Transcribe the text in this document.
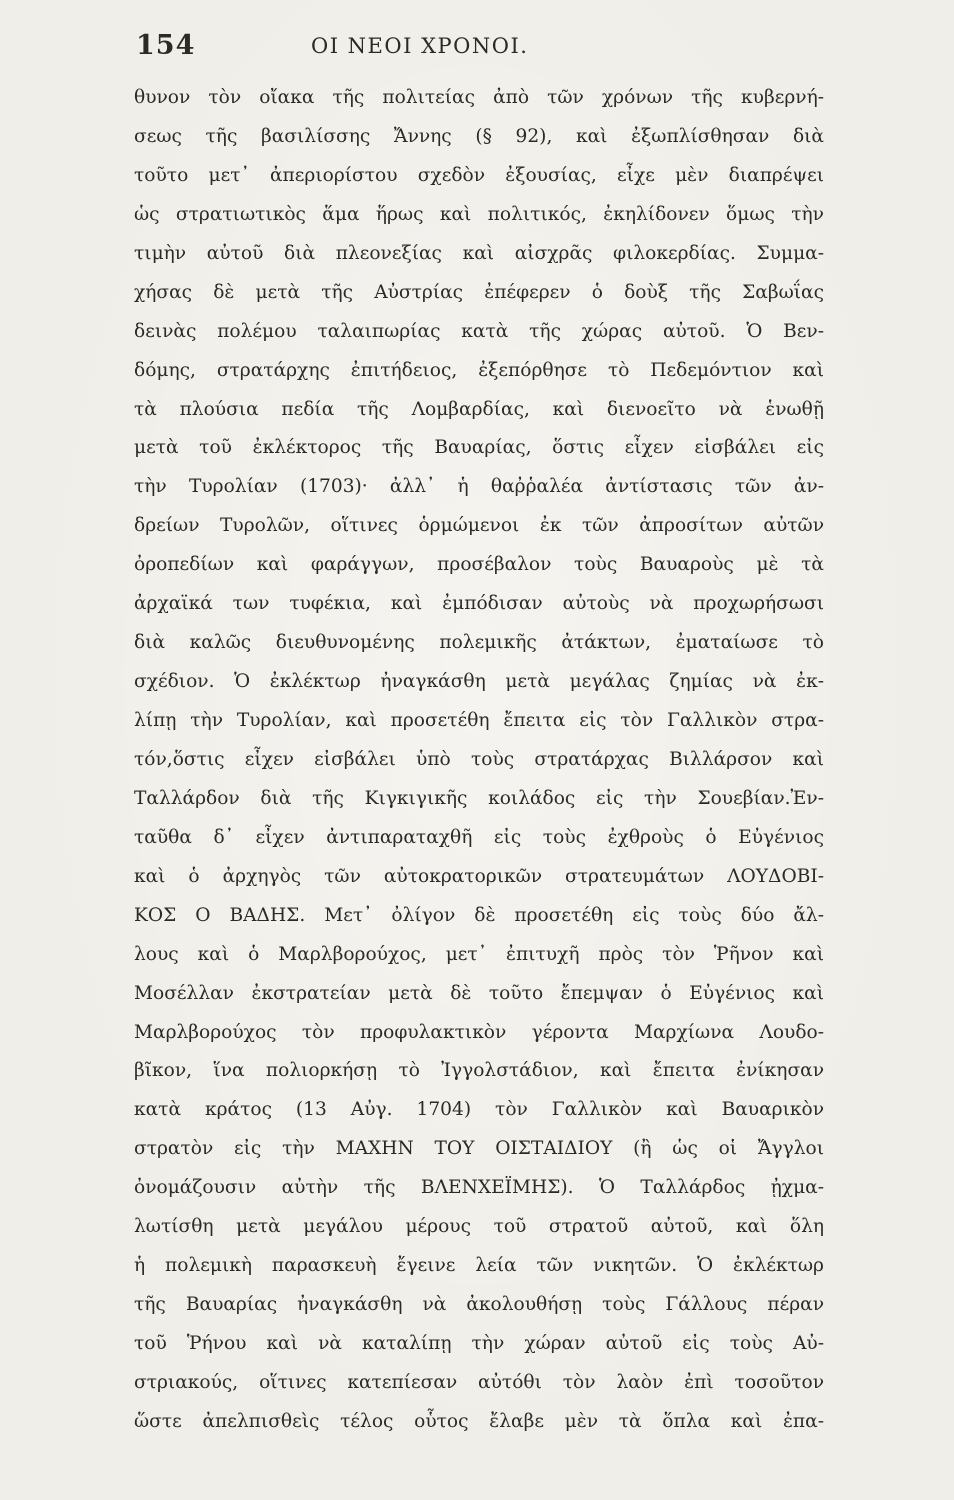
154	ΟΙ ΝΕΟΙ ΧΡΟΝΟΙ.
θυνον τὸν οἴακα τῆς πολιτείας ἀπὸ τῶν χρόνων τῆς κυβερνή-
σεως τῆς βασιλίσσης Ἄννης (§ 92), καὶ ἐξωπλίσθησαν διὰ
τοῦτο μετ᾽ ἀπεριορίστου σχεδὸν ἐξουσίας, εἶχε μὲν διαπρέψει
ὡς στρατιωτικὸς ἅμα ἥρως καὶ πολιτικός, ἐκηλίδονεν ὅμως τὴν
τιμὴν αὐτοῦ διὰ πλεονεξίας καὶ αἰσχρᾶς φιλοκερδίας. Συμμα-
χήσας δὲ μετὰ τῆς Αὐστρίας ἐπέφερεν ὁ δοὺξ τῆς Σαβωΐας
δεινὰς πολέμου ταλαιπωρίας κατὰ τῆς χώρας αὐτοῦ. Ὁ Βεν-
δόμης, στρατάρχης ἐπιτήδειος, ἐξεπόρθησε τὸ Πεδεμόντιον καὶ
τὰ πλούσια πεδία τῆς Λομβαρδίας, καὶ διενοεῖτο νὰ ἑνωθῇ
μετὰ τοῦ ἐκλέκτορος τῆς Βαυαρίας, ὅστις εἶχεν εἰσβάλει εἰς
τὴν Τυρολίαν (1703)· ἀλλ᾽ ἡ θαῤῥαλέα ἀντίστασις τῶν ἀν-
δρείων Τυρολῶν, οἵτινες ὁρμώμενοι ἐκ τῶν ἀπροσίτων αὐτῶν
ὀροπεδίων καὶ φαράγγων, προσέβαλον τοὺς Βαυαροὺς μὲ τὰ
ἀρχαϊκά των τυφέκια, καὶ ἐμπόδισαν αὐτοὺς νὰ προχωρήσωσι
διὰ καλῶς διευθυνομένης πολεμικῆς ἀτάκτων, ἐματαίωσε τὸ
σχέδιον. Ὁ ἐκλέκτωρ ἠναγκάσθη μετὰ μεγάλας ζημίας νὰ ἐκ-
λίπῃ τὴν Τυρολίαν, καὶ προσετέθη ἔπειτα εἰς τὸν Γαλλικὸν στρα-
τόν,ὅστις εἶχεν εἰσβάλει ὑπὸ τοὺς στρατάρχας Βιλλάρσον καὶ
Ταλλάρδον διὰ τῆς Κιγκιγικῆς κοιλάδος εἰς τὴν Σουεβίαν.Ἐν-
ταῦθα δ᾽ εἶχεν ἀντιπαραταχθῆ εἰς τοὺς ἐχθροὺς ὁ Εὐγένιος
καὶ ὁ ἀρχηγὸς τῶν αὐτοκρατορικῶν στρατευμάτων ΛΟΥΔΟΒΙ-
ΚΟΣ Ο ΒΑΔΗΣ. Μετ᾽ ὀλίγον δὲ προσετέθη εἰς τοὺς δύο ἄλ-
λους καὶ ὁ Μαρλβορούχος, μετ᾽ ἐπιτυχῆ πρὸς τὸν Ῥῆνον καὶ
Μοσέλλαν ἐκστρατείαν μετὰ δὲ τοῦτο ἔπεμψαν ὁ Εὐγένιος καὶ
Μαρλβορούχος τὸν προφυλακτικὸν γέροντα Μαρχίωνα Λουδο-
βῖκον, ἵνα πολιορκήσῃ τὸ Ἰγγολστάδιον, καὶ ἔπειτα ἐνίκησαν
κατὰ κράτος (13 Αὐγ. 1704) τὸν Γαλλικὸν καὶ Βαυαρικὸν
στρατὸν εἰς τὴν ΜΑΧΗΝ ΤΟΥ ΟΙΣΤΑΙΔΙΟΥ (ἢ ὡς οἱ Ἄγγλοι
ὀνομάζουσιν αὐτὴν τῆς ΒΛΕΝΧΕΪΜΗΣ). Ὁ Ταλλάρδος ᾐχμα-
λωτίσθη μετὰ μεγάλου μέρους τοῦ στρατοῦ αὐτοῦ, καὶ ὅλη
ἡ πολεμικὴ παρασκευὴ ἔγεινε λεία τῶν νικητῶν. Ὁ ἐκλέκτωρ
τῆς Βαυαρίας ἠναγκάσθη νὰ ἀκολουθήσῃ τοὺς Γάλλους πέραν
τοῦ Ῥήνου καὶ νὰ καταλίπῃ τὴν χώραν αὐτοῦ εἰς τοὺς Αὐ-
στριακούς, οἵτινες κατεπίεσαν αὐτόθι τὸν λαὸν ἐπὶ τοσοῦτον
ὥστε ἀπελπισθεὶς τέλος οὗτος ἔλαβε μὲν τὰ ὅπλα καὶ ἐπα-
